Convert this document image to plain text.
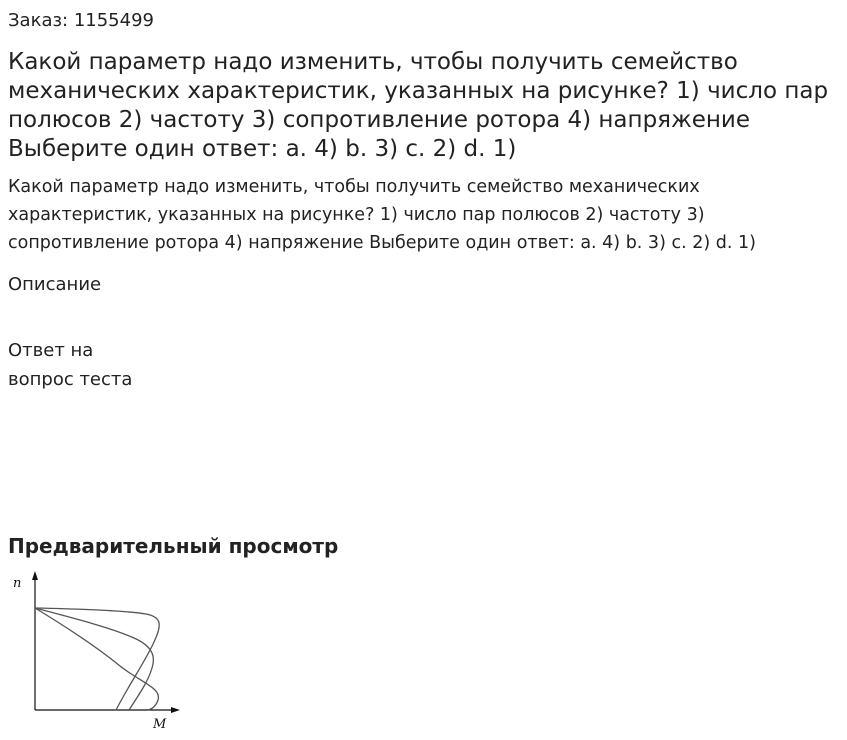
Заказ: 1155499
Какой параметр надо изменить, чтобы получить семейство механических характеристик, указанных на рисунке? 1) число пар полюсов 2) частоту 3) сопротивление ротора 4) напряжение Выберите один ответ: a. 4) b. 3) c. 2) d. 1)
Какой параметр надо изменить, чтобы получить семейство механических характеристик, указанных на рисунке? 1) число пар полюсов 2) частоту 3) сопротивление ротора 4) напряжение Выберите один ответ: a. 4) b. 3) c. 2) d. 1)
Описание
Ответ на вопрос теста
Предварительный просмотр
n
M
